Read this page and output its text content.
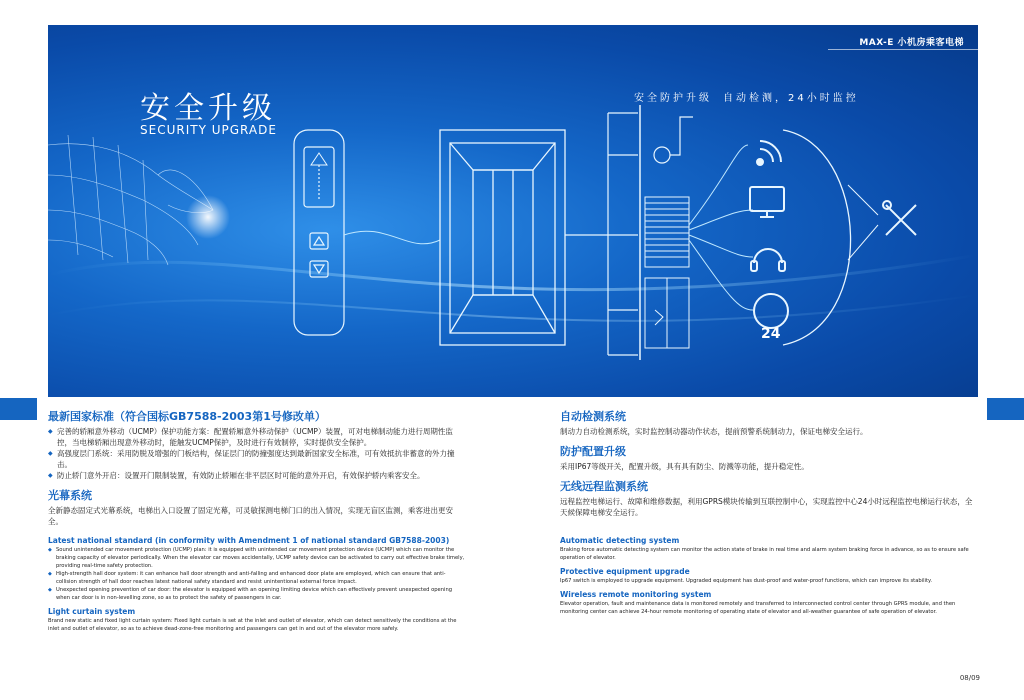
MAX-E 小机房乘客电梯
安全升级
SECURITY UPGRADE
安全防护升级 自动检测，24小时监控
24

最新国家标准（符合国标GB7588-2003第1号修改单）

◆ 完善的轿厢意外移动（UCMP）保护功能方案：配置轿厢意外移动保护（UCMP）装置，可对电梯制动能力进行周期性监控，当电梯轿厢出现意外移动时，能触发UCMP保护，及时进行有效制停，实时提供安全保护。

◆ 高强度层门系统：采用防脱及增强的门板结构，保证层门的防撞强度达到最新国家安全标准，可有效抵抗非蓄意的外力撞击。

◆ 防止轿门意外开启：设置开门限制装置，有效防止轿厢在非平层区时可能的意外开启，有效保护轿内乘客安全。

光幕系统

全新静态固定式光幕系统，电梯出入口设置了固定光幕，可灵敏探测电梯门口的出入情况，实现无盲区监测，乘客进出更安全。

自动检测系统

制动力自动检测系统，实时监控制动器动作状态，提前预警系统制动力，保证电梯安全运行。

防护配置升级

采用IP67等级开关，配置升级，具有具有防尘、防溅等功能，提升稳定性。

无线远程监测系统

远程监控电梯运行、故障和维修数据，利用GPRS模块传输到互联控制中心，实现监控中心24小时远程监控电梯运行状态，全天候保障电梯安全运行。

Latest national standard (in conformity with Amendment 1 of national standard GB7588-2003)

◆ Sound unintended car movement protection (UCMP) plan: it is equipped with unintended car movement protection device (UCMP) which can monitor the braking capacity of elevator periodically. When the elevator car moves accidentally, UCMP safety device can be activated to carry out effective brake timely, providing real-time safety protection.

◆ High-strength hall door system: it can enhance hall door strength and anti-falling and enhanced door plate are employed, which can ensure that anti-collision strength of hall door reaches latest national safety standard and resist unintentional external force impact.

◆ Unexpected opening prevention of car door: the elevator is equipped with an opening limiting device which can effectively prevent unexpected opening when car door is in non-levelling zone, so as to protect the safety of passengers in car.

Light curtain system

Brand new static and fixed light curtain system: Fixed light curtain is set at the inlet and outlet of elevator, which can detect sensitively the conditions at the inlet and outlet of elevator, so as to achieve dead-zone-free monitoring and passengers can get in and out of the elevator more safely.

Automatic detecting system

Braking force automatic detecting system can monitor the action state of brake in real time and alarm system braking force in advance, so as to ensure safe operation of elevator.

Protective equipment upgrade

Ip67 switch is employed to upgrade equipment. Upgraded equipment has dust-proof and water-proof functions, which can improve its stability.

Wireless remote monitoring system

Elevator operation, fault and maintenance data is monitored remotely and transferred to interconnected control center through GPRS module, and then monitoring center can achieve 24-hour remote monitoring of operating state of elevator and all-weather guarantee of safe operation of elevator.

08/09
